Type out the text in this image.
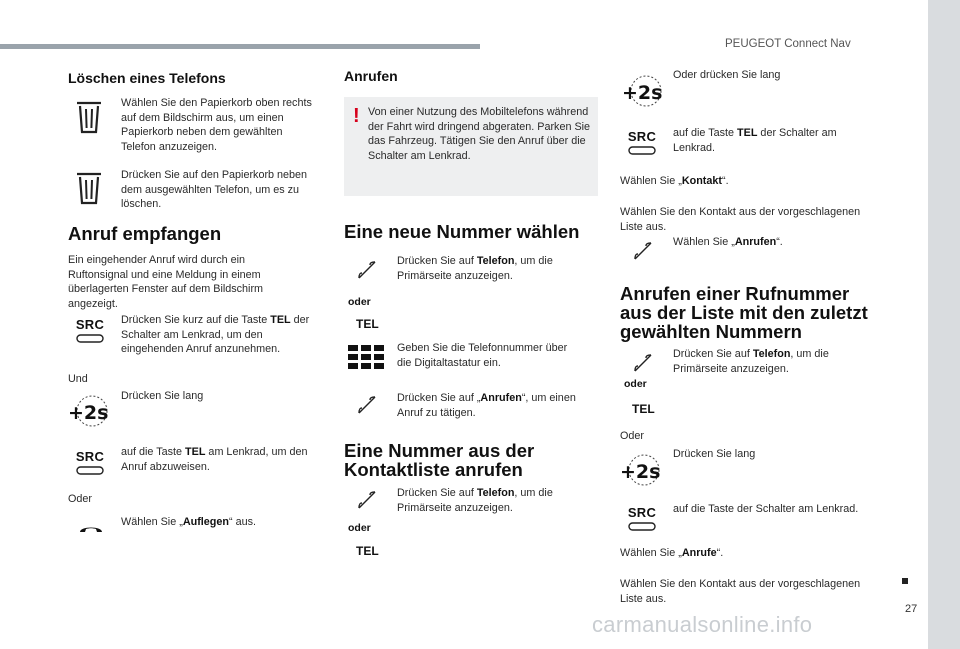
PEUGEOT Connect Nav
Löschen eines Telefons
Wählen Sie den Papierkorb oben rechts auf dem Bildschirm aus, um einen Papierkorb neben dem gewählten Telefon anzuzeigen.
Drücken Sie auf den Papierkorb neben dem ausgewählten Telefon, um es zu löschen.
Anruf empfangen
Ein eingehender Anruf wird durch ein Ruftonsignal und eine Meldung in einem überlagerten Fenster auf dem Bildschirm angezeigt.
SRC	Drücken Sie kurz auf die Taste TEL der Schalter am Lenkrad, um den eingehenden Anruf anzunehmen.
Und
+2s
Drücken Sie lang
SRC	auf die Taste TEL am Lenkrad, um den Anruf abzuweisen.
Oder
Wählen Sie „Auflegen“ aus.
Anrufen
! Von einer Nutzung des Mobiltelefons während der Fahrt wird dringend abgeraten. Parken Sie das Fahrzeug. Tätigen Sie den Anruf über die Schalter am Lenkrad.
Eine neue Nummer wählen
oder
TEL
Drücken Sie auf Telefon, um die Primärseite anzuzeigen.
Geben Sie die Telefonnummer über die Digitaltastatur ein.
Drücken Sie auf „Anrufen“, um einen Anruf zu tätigen.
Eine Nummer aus der
Kontaktliste anrufen
oder
TEL
Drücken Sie auf Telefon, um die Primärseite anzuzeigen.
+2s
Oder drücken Sie lang
SRC	auf die Taste TEL der Schalter am Lenkrad.
Wählen Sie „Kontakt“.
Wählen Sie den Kontakt aus der vorgeschlagenen Liste aus.
Wählen Sie „Anrufen“.
Anrufen einer Rufnummer
aus der Liste mit den zuletzt
gewählten Nummern
oder
TEL
Drücken Sie auf Telefon, um die Primärseite anzuzeigen.
Oder
+2s
Drücken Sie lang
SRC	auf die Taste der Schalter am Lenkrad.
Wählen Sie „Anrufe“.
Wählen Sie den Kontakt aus der vorgeschlagenen Liste aus.
27
carmanualsonline.info
